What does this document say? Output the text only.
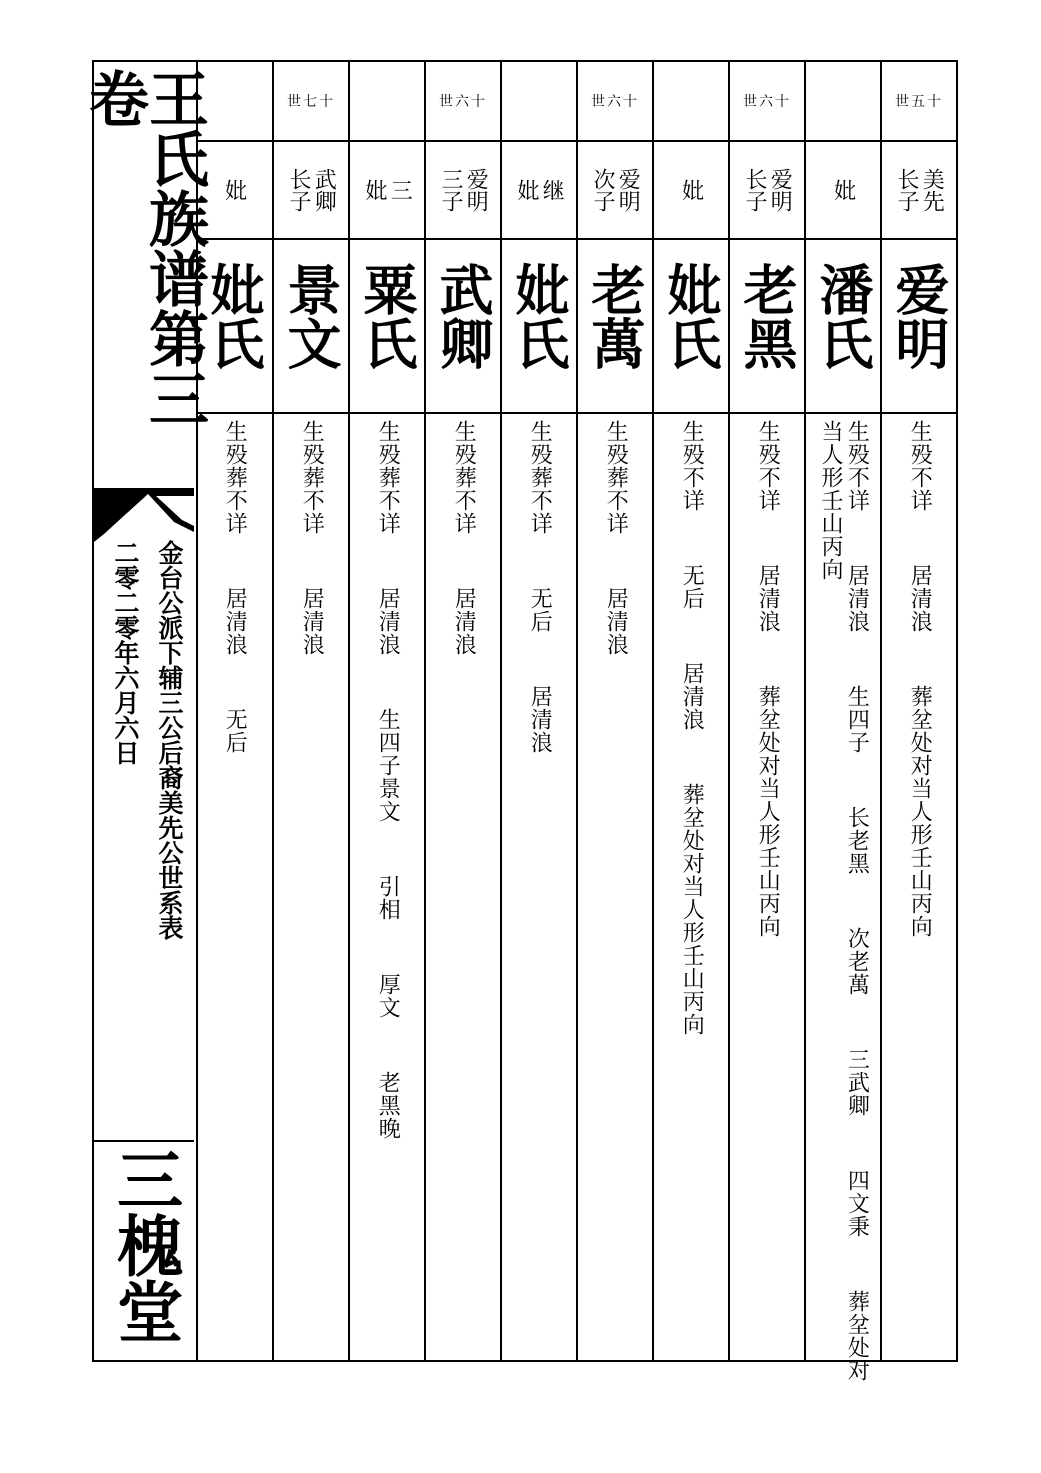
王氏族谱第三卷
金台公派下辅三公后裔美先公世系表
二零二零年六月六日
三槐堂
世五十
美先
长子
爱明
生殁不详  居清浪  葬坌处对当人形壬山丙向
妣
潘氏
生殁不详  居清浪  生四子  长老黑  次老萬  三武卿  四文秉  葬坌处对
当人形壬山丙向
世六十
爱明
长子
老黑
生殁不详  居清浪  葬坌处对当人形壬山丙向
妣
妣氏
生殁不详  无后  居清浪  葬坌处对当人形壬山丙向
世六十
爱明
次子
老萬
生殁葬不详  居清浪
继
妣
妣氏
生殁葬不详  无后  居清浪
世六十
爱明
三子
武卿
生殁葬不详  居清浪
三
妣
粟氏
生殁葬不详  居清浪  生四子景文  引相  厚文  老黑晚
世七十
武卿
长子
景文
生殁葬不详  居清浪
妣
妣氏
生殁葬不详  居清浪  无后
